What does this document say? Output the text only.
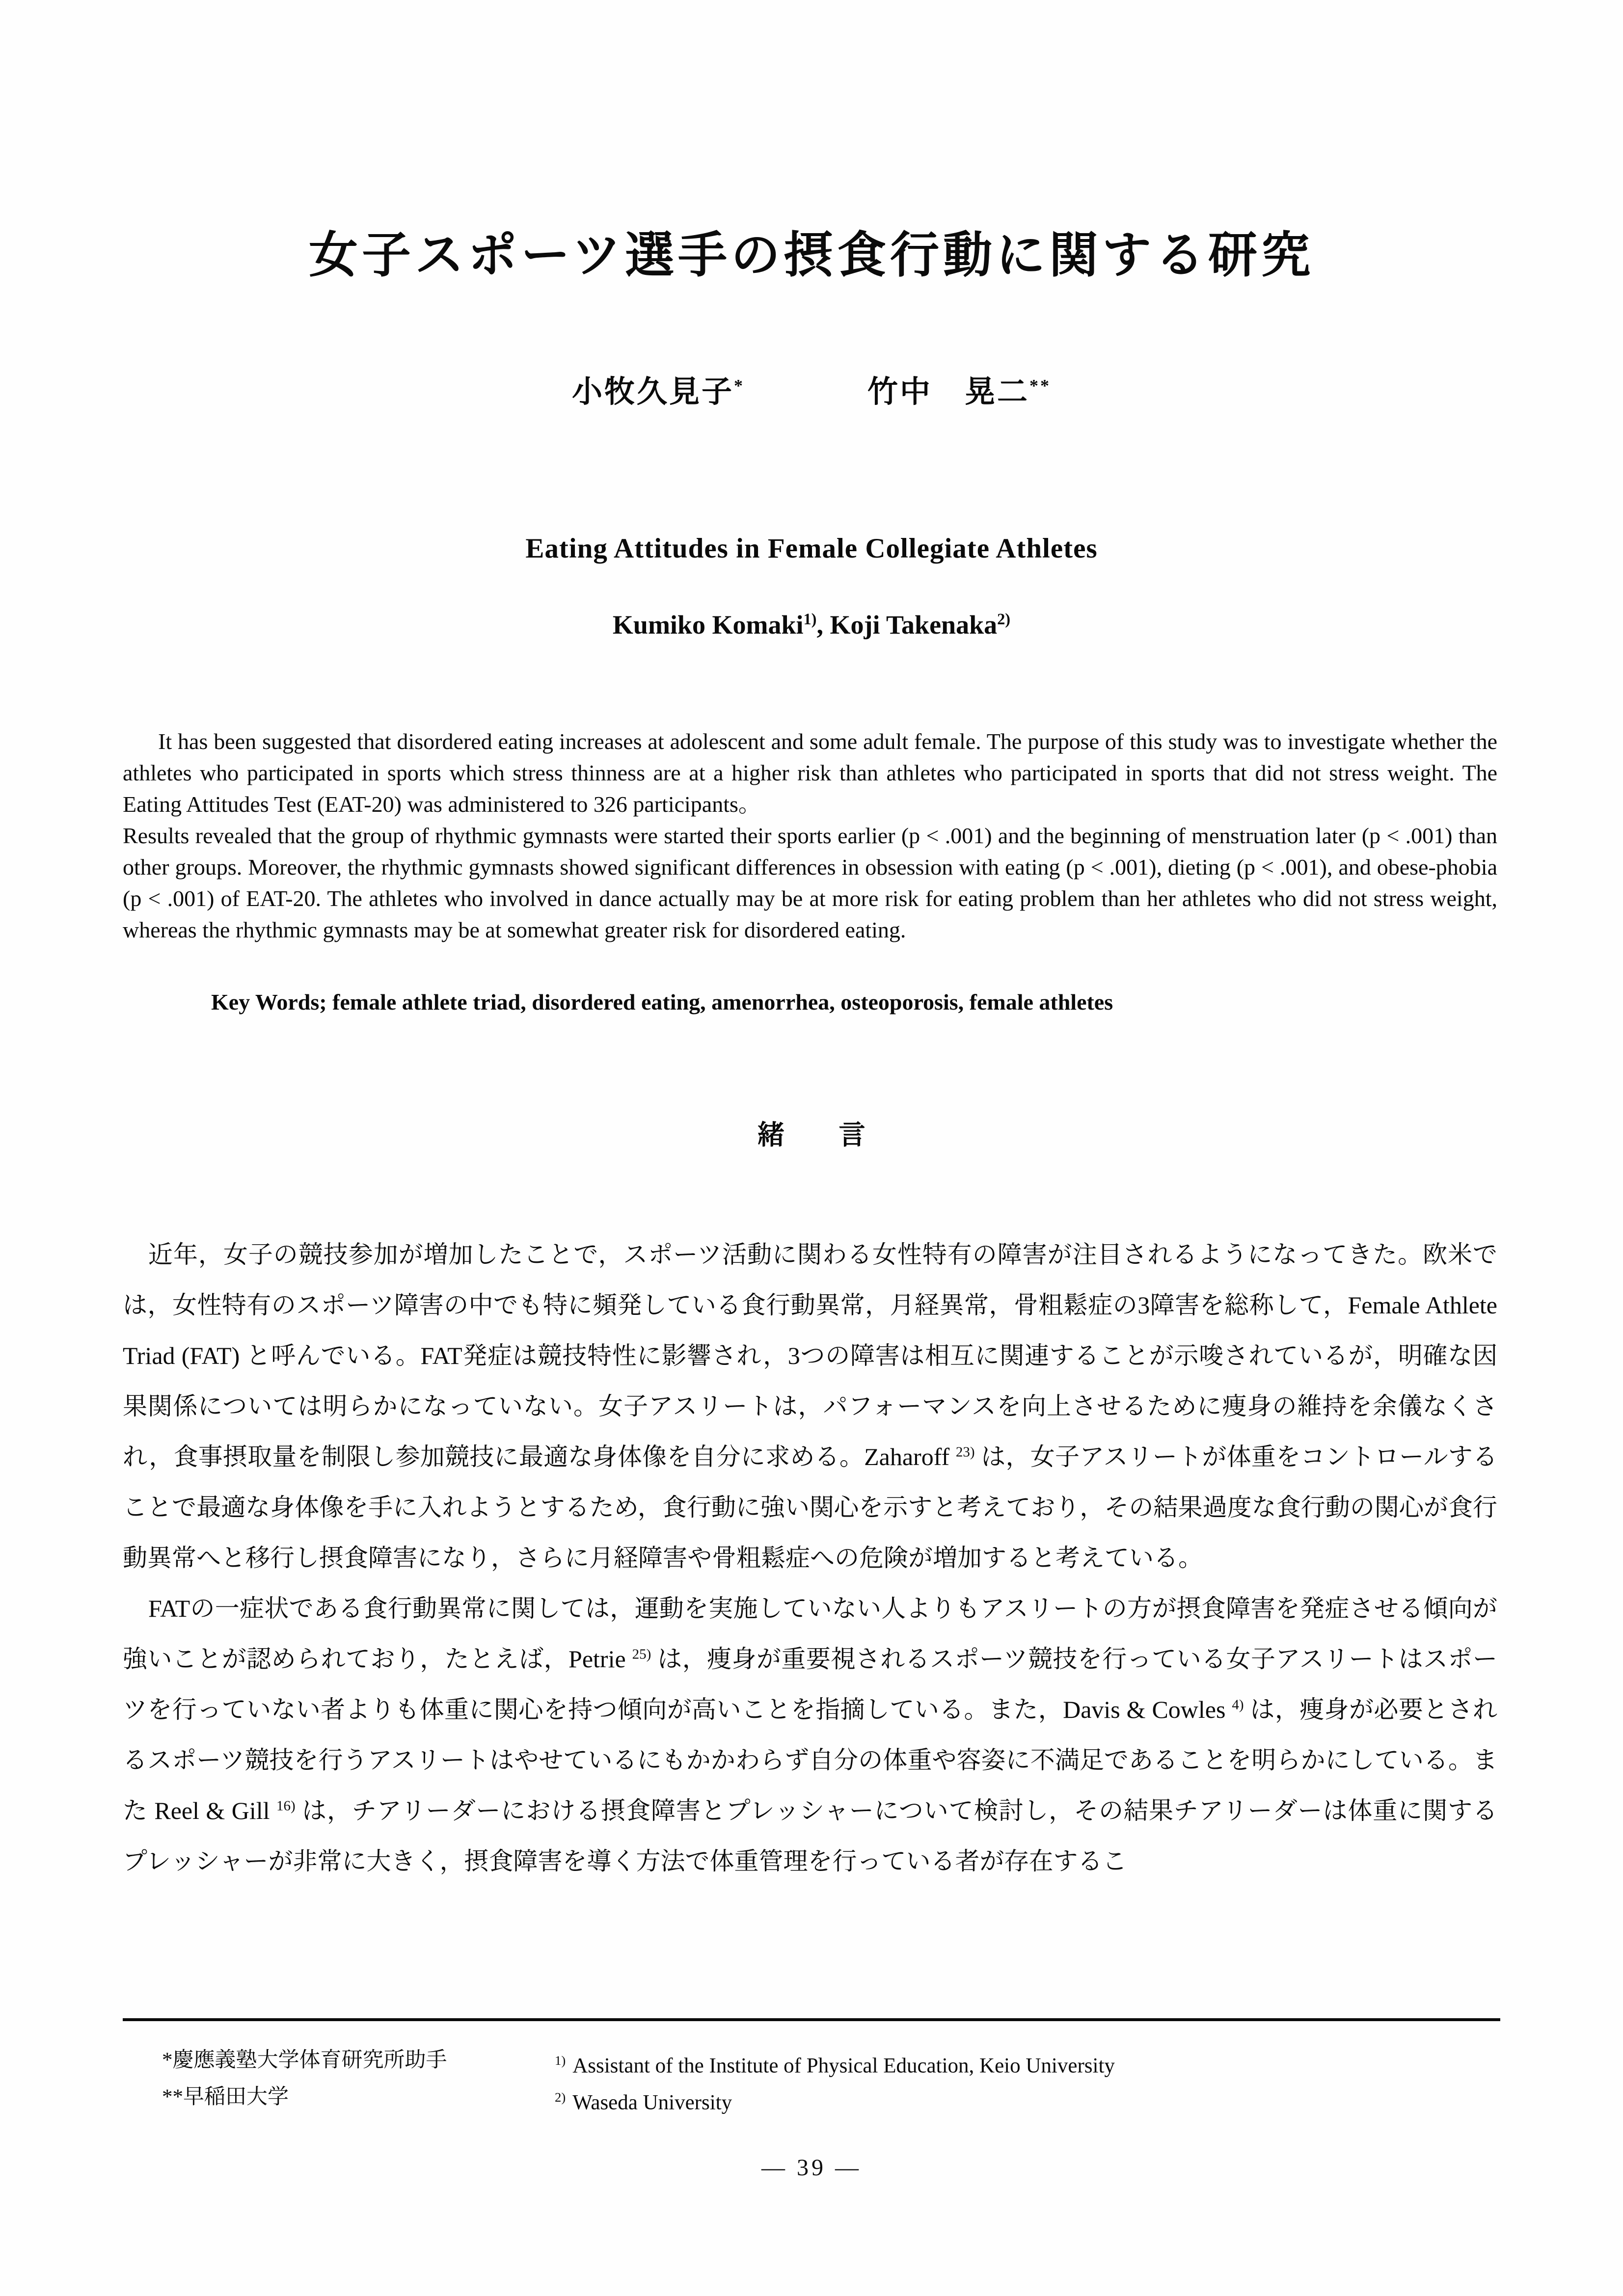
女子スポーツ選手の摂食行動に関する研究
小牧久見子*	竹中　晃二**
Eating Attitudes in Female Collegiate Athletes
Kumiko Komaki$^{1)}$, Koji Takenaka$^{2)}$

It has been suggested that disordered eating increases at adolescent and some adult female. The purpose of this study was to investigate whether the athletes who participated in sports which stress thinness are at a higher risk than athletes who participated in sports that did not stress weight. The Eating Attitudes Test (EAT-20) was administered to 326 participants。

Results revealed that the group of rhythmic gymnasts were started their sports earlier (p < .001) and the beginning of menstruation later (p < .001) than other groups. Moreover, the rhythmic gymnasts showed significant differences in obsession with eating (p < .001), dieting (p < .001), and obese-phobia (p < .001) of EAT-20. The athletes who involved in dance actually may be at more risk for eating problem than her athletes who did not stress weight, whereas the rhythmic gymnasts may be at somewhat greater risk for disordered eating.

Key Words; female athlete triad, disordered eating, amenorrhea, osteoporosis, female athletes
緒　　言

近年，女子の競技参加が増加したことで，スポーツ活動に関わる女性特有の障害が注目されるようになってきた。欧米では，女性特有のスポーツ障害の中でも特に頻発している食行動異常，月経異常，骨粗鬆症の3障害を総称して，Female Athlete Triad (FAT) と呼んでいる。FAT発症は競技特性に影響され，3つの障害は相互に関連することが示唆されているが，明確な因果関係については明らかになっていない。女子アスリートは，パフォーマンスを向上させるために痩身の維持を余儀なくされ，食事摂取量を制限し参加競技に最適な身体像を自分に求める。Zaharoff $^{23)}$ は，女子アスリートが体重をコントロールすることで最適な身体像を手に入れようとするため，食行動に強い関心を示すと考えており，その結果過度な食行動の関心が食行動異常へと移行し摂食障害になり，さらに月経障害や骨粗鬆症への危険が増加すると考えている。

FATの一症状である食行動異常に関しては，運動を実施していない人よりもアスリートの方が摂食障害を発症させる傾向が強いことが認められており，たとえば，Petrie $^{25)}$ は，痩身が重要視されるスポーツ競技を行っている女子アスリートはスポーツを行っていない者よりも体重に関心を持つ傾向が高いことを指摘している。また，Davis & Cowles $^{4)}$ は，痩身が必要とされるスポーツ競技を行うアスリートはやせているにもかかわらず自分の体重や容姿に不満足であることを明らかにしている。また Reel & Gill $^{16)}$ は，チアリーダーにおける摂食障害とプレッシャーについて検討し，その結果チアリーダーは体重に関するプレッシャーが非常に大きく，摂食障害を導く方法で体重管理を行っている者が存在するこ

*慶應義塾大学体育研究所助手	$^{1)}$ Assistant of the Institute of Physical Education, Keio University
**早稲田大学	$^{2)}$ Waseda University
— 39 —
